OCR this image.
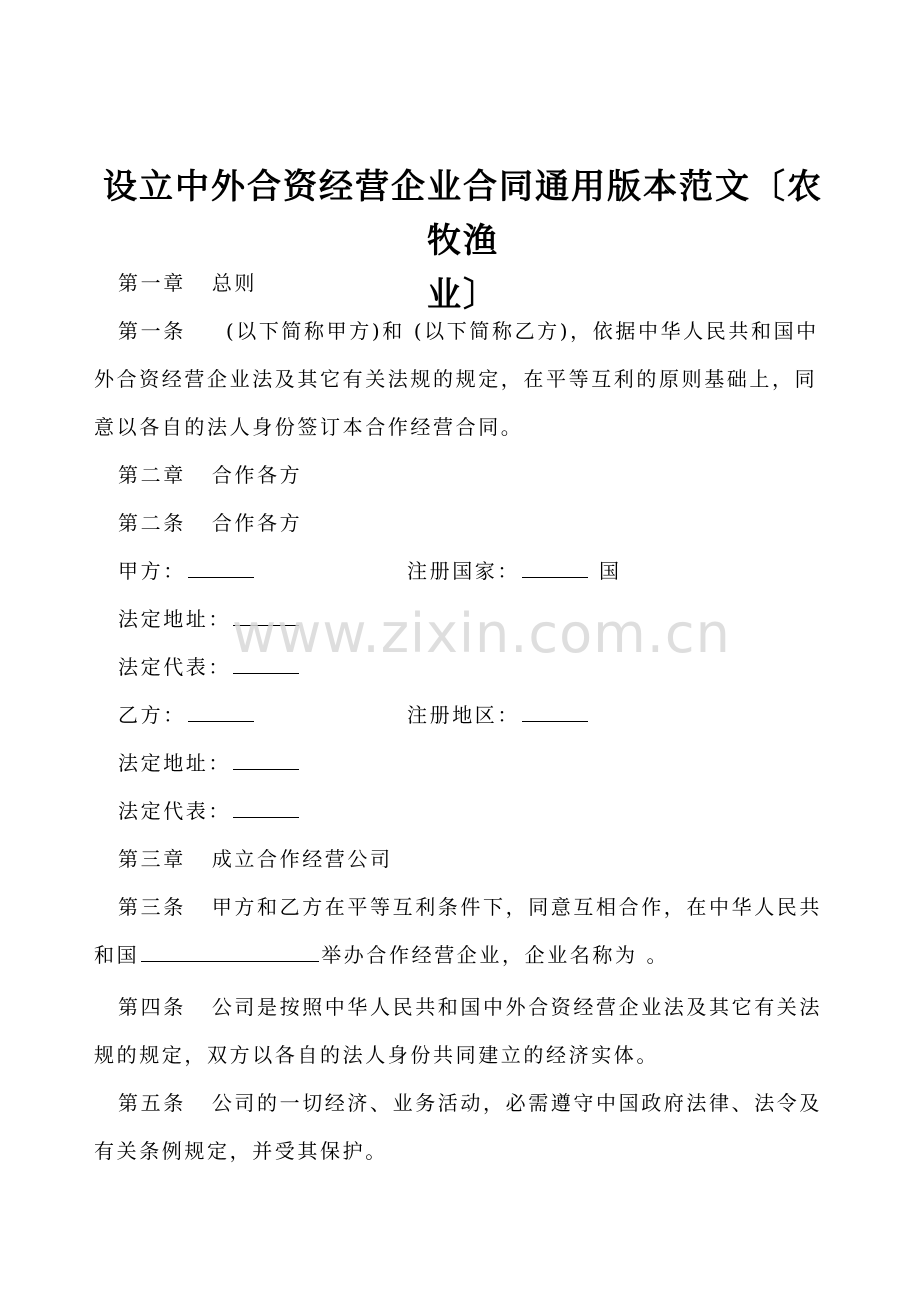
设立中外合资经营企业合同通用版本范文〔农牧渔
业〕
第一章 总则
第一条 (以下简称甲方)和 (以下简称乙方)，依据中华人民共和国中
外合资经营企业法及其它有关法规的规定，在平等互利的原则基础上，同
意以各自的法人身份签订本合作经营合同。
第二章 合作各方
第二条 合作各方
甲方：	注册国家：	国
法定地址：
法定代表：
乙方：	注册地区：
法定地址：
法定代表：
第三章 成立合作经营公司
第三条 甲方和乙方在平等互利条件下，同意互相合作，在中华人民共
和国	举办合作经营企业，企业名称为 。
第四条 公司是按照中华人民共和国中外合资经营企业法及其它有关法
规的规定，双方以各自的法人身份共同建立的经济实体。
第五条 公司的一切经济、业务活动，必需遵守中国政府法律、法令及
有关条例规定，并受其保护。
www.zixin.com.cn
